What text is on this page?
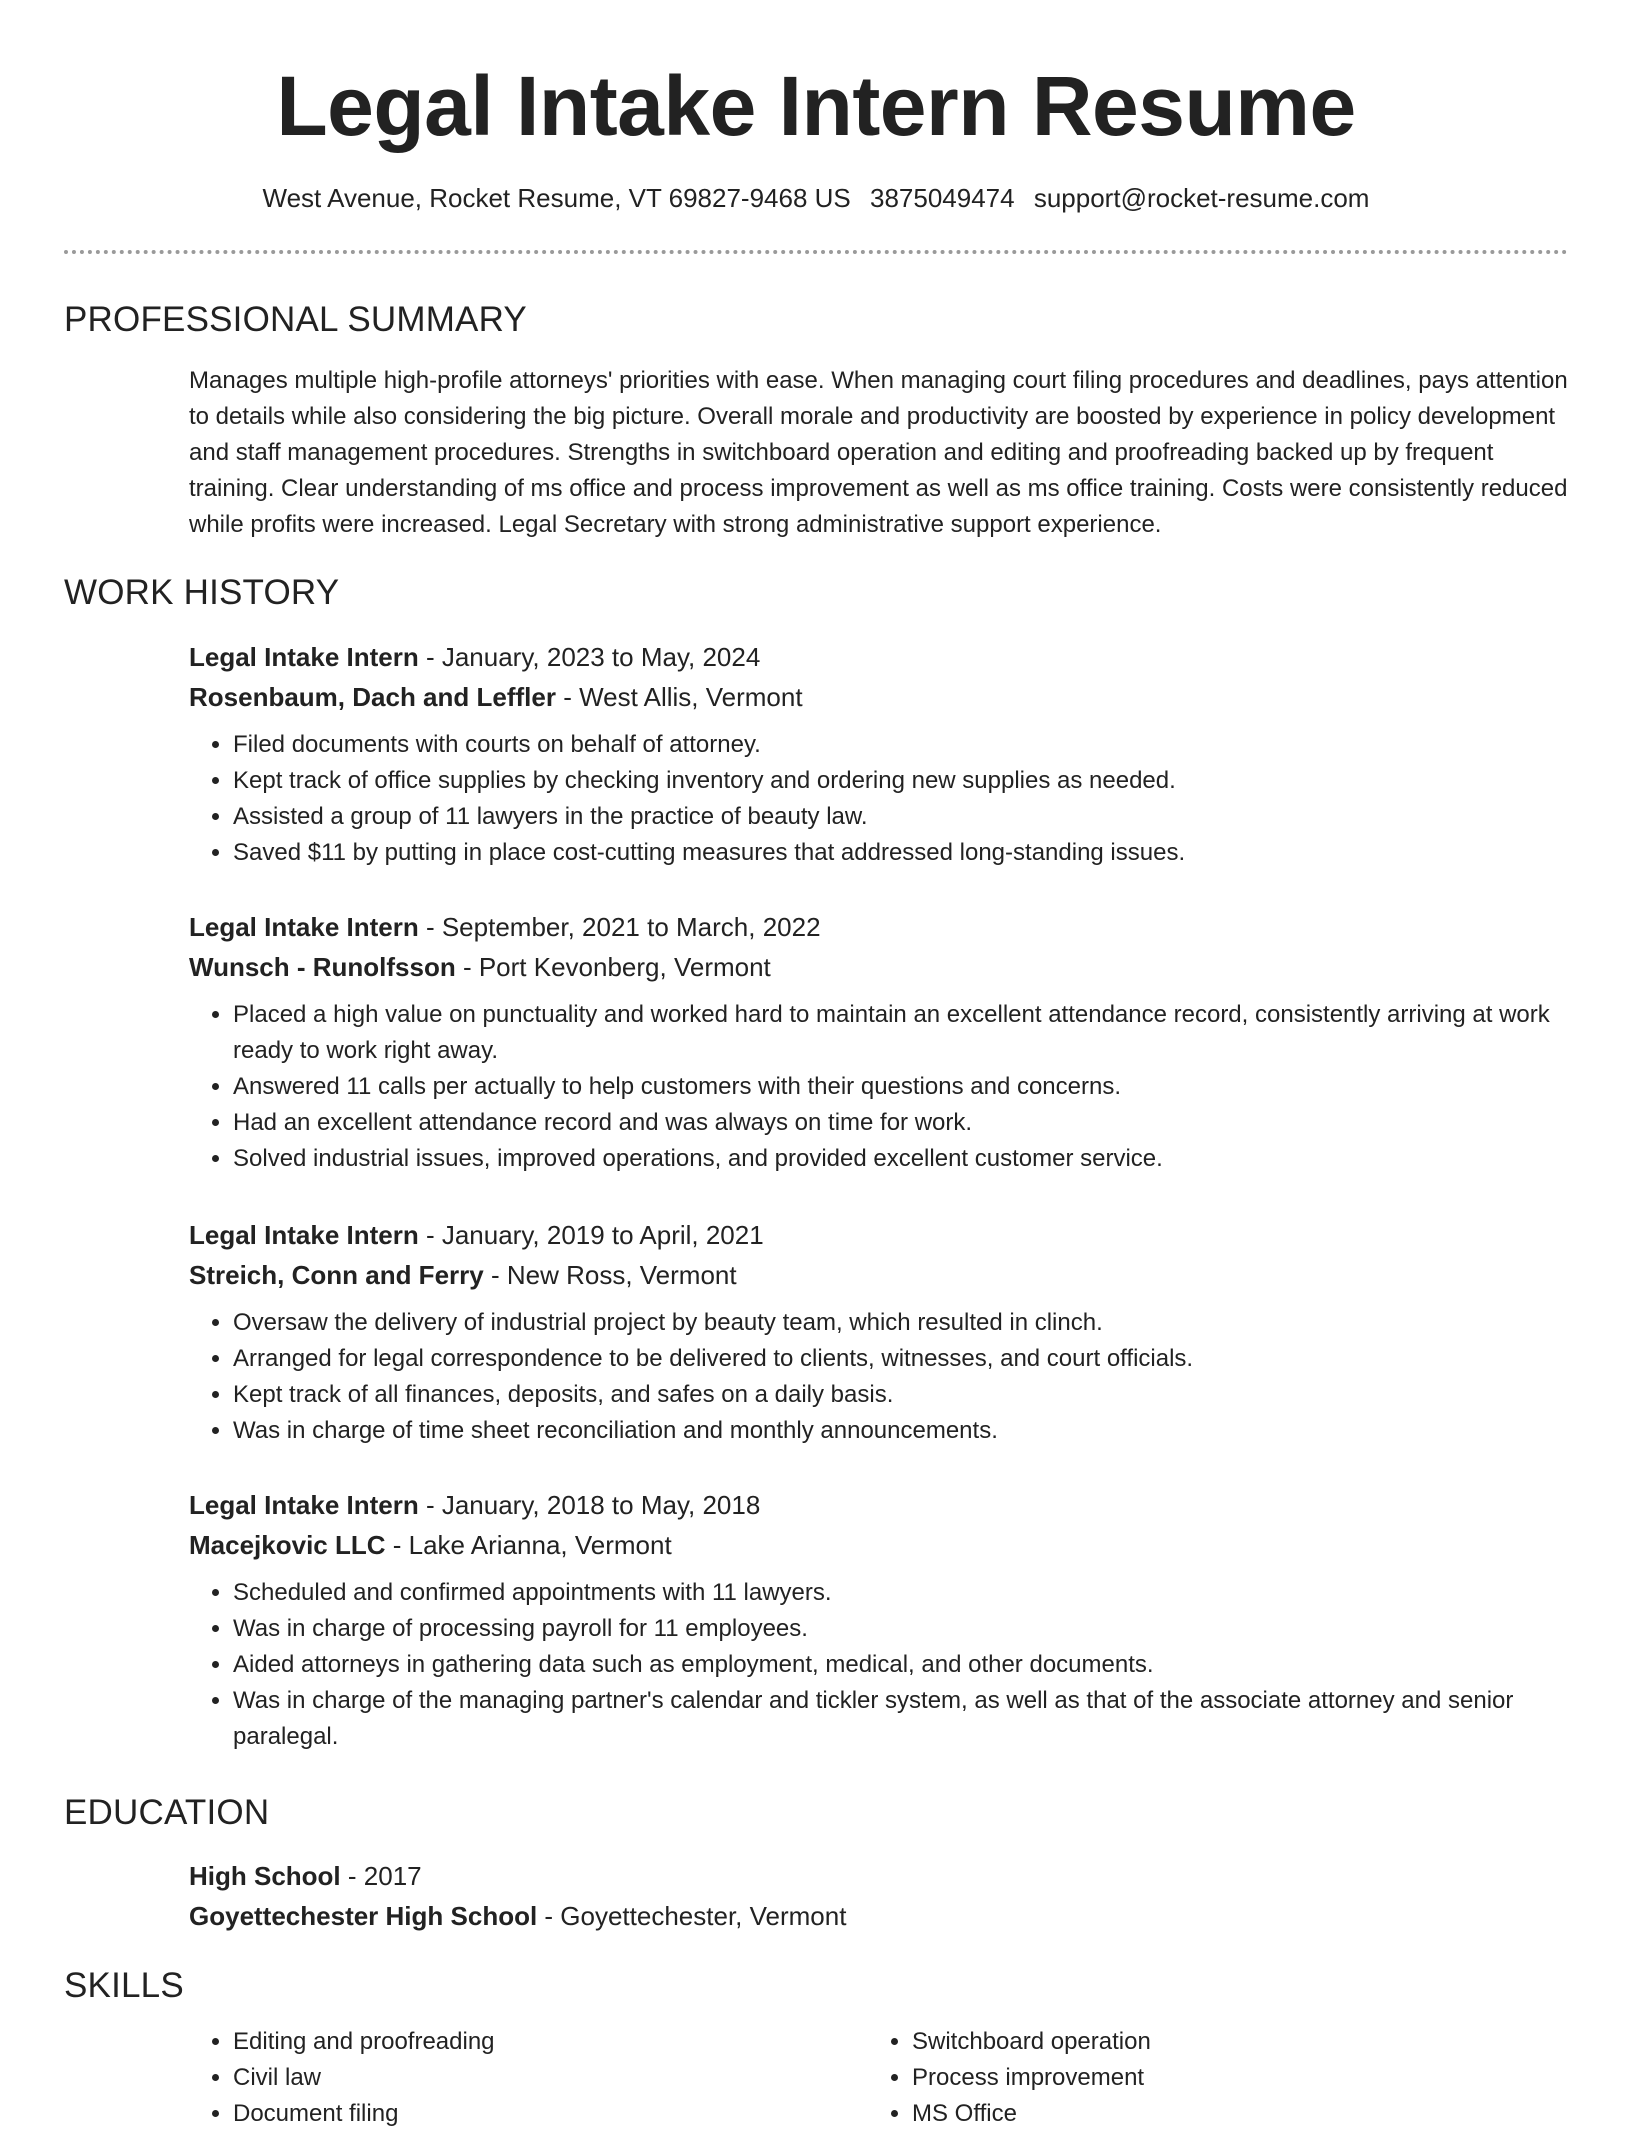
Legal Intake Intern Resume
West Avenue, Rocket Resume, VT 69827-9468 US 3875049474 support@rocket-resume.com
PROFESSIONAL SUMMARY
Manages multiple high-profile attorneys' priorities with ease. When managing court filing procedures and deadlines, pays attention to details while also considering the big picture. Overall morale and productivity are boosted by experience in policy development and staff management procedures. Strengths in switchboard operation and editing and proofreading backed up by frequent training. Clear understanding of ms office and process improvement as well as ms office training. Costs were consistently reduced while profits were increased. Legal Secretary with strong administrative support experience.
WORK HISTORY
Legal Intake Intern - January, 2023 to May, 2024
Rosenbaum, Dach and Leffler - West Allis, Vermont
• Filed documents with courts on behalf of attorney.
• Kept track of office supplies by checking inventory and ordering new supplies as needed.
• Assisted a group of 11 lawyers in the practice of beauty law.
• Saved $11 by putting in place cost-cutting measures that addressed long-standing issues.
Legal Intake Intern - September, 2021 to March, 2022
Wunsch - Runolfsson - Port Kevonberg, Vermont
• Placed a high value on punctuality and worked hard to maintain an excellent attendance record, consistently arriving at work ready to work right away.
• Answered 11 calls per actually to help customers with their questions and concerns.
• Had an excellent attendance record and was always on time for work.
• Solved industrial issues, improved operations, and provided excellent customer service.
Legal Intake Intern - January, 2019 to April, 2021
Streich, Conn and Ferry - New Ross, Vermont
• Oversaw the delivery of industrial project by beauty team, which resulted in clinch.
• Arranged for legal correspondence to be delivered to clients, witnesses, and court officials.
• Kept track of all finances, deposits, and safes on a daily basis.
• Was in charge of time sheet reconciliation and monthly announcements.
Legal Intake Intern - January, 2018 to May, 2018
Macejkovic LLC - Lake Arianna, Vermont
• Scheduled and confirmed appointments with 11 lawyers.
• Was in charge of processing payroll for 11 employees.
• Aided attorneys in gathering data such as employment, medical, and other documents.
• Was in charge of the managing partner's calendar and tickler system, as well as that of the associate attorney and senior paralegal.
EDUCATION
High School - 2017
Goyettechester High School - Goyettechester, Vermont
SKILLS
• Editing and proofreading
• Civil law
• Document filing
• Switchboard operation
• Process improvement
• MS Office
